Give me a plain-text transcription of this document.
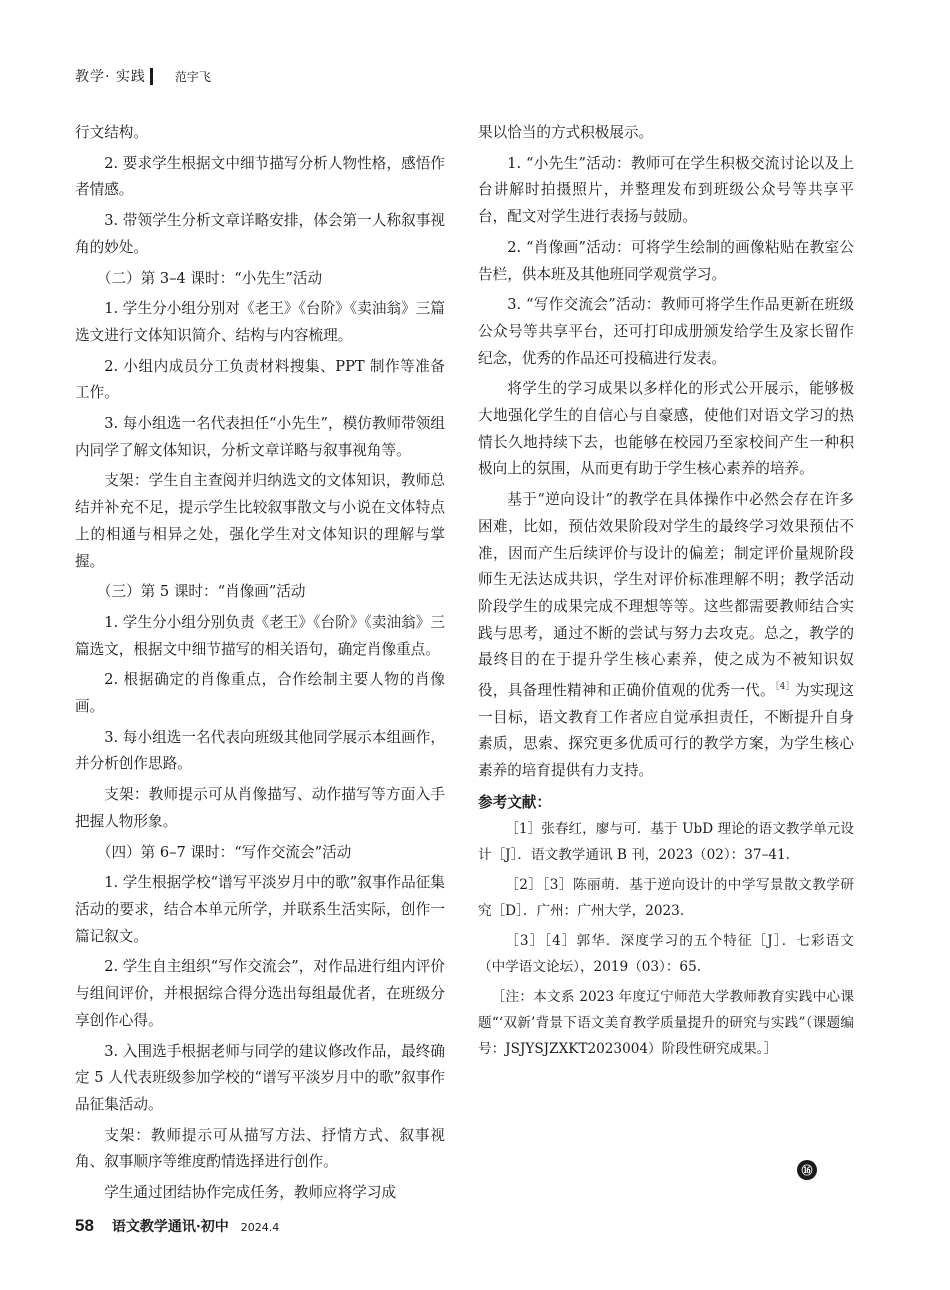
教学· 实践 范宇飞

行文结构。

2. 要求学生根据文中细节描写分析人物性格，感悟作者情感。

3. 带领学生分析文章详略安排，体会第一人称叙事视角的妙处。

（二）第 3–4 课时：“小先生”活动

1. 学生分小组分别对《老王》《台阶》《卖油翁》三篇选文进行文体知识简介、结构与内容梳理。

2. 小组内成员分工负责材料搜集、PPT 制作等准备工作。

3. 每小组选一名代表担任“小先生”，模仿教师带领组内同学了解文体知识，分析文章详略与叙事视角等。

支架：学生自主查阅并归纳选文的文体知识，教师总结并补充不足，提示学生比较叙事散文与小说在文体特点上的相通与相异之处，强化学生对文体知识的理解与掌握。

（三）第 5 课时：“肖像画”活动

1. 学生分小组分别负责《老王》《台阶》《卖油翁》三篇选文，根据文中细节描写的相关语句，确定肖像重点。

2. 根据确定的肖像重点，合作绘制主要人物的肖像画。

3. 每小组选一名代表向班级其他同学展示本组画作，并分析创作思路。

支架：教师提示可从肖像描写、动作描写等方面入手把握人物形象。

（四）第 6–7 课时：“写作交流会”活动

1. 学生根据学校“谱写平淡岁月中的歌”叙事作品征集活动的要求，结合本单元所学，并联系生活实际，创作一篇记叙文。

2. 学生自主组织“写作交流会”，对作品进行组内评价与组间评价，并根据综合得分选出每组最优者，在班级分享创作心得。

3. 入围选手根据老师与同学的建议修改作品，最终确定 5 人代表班级参加学校的“谱写平淡岁月中的歌”叙事作品征集活动。

支架：教师提示可从描写方法、抒情方式、叙事视角、叙事顺序等维度酌情选择进行创作。

学生通过团结协作完成任务，教师应将学习成

果以恰当的方式积极展示。

1. “小先生”活动：教师可在学生积极交流讨论以及上台讲解时拍摄照片，并整理发布到班级公众号等共享平台，配文对学生进行表扬与鼓励。

2. “肖像画”活动：可将学生绘制的画像粘贴在教室公告栏，供本班及其他班同学观赏学习。

3. “写作交流会”活动：教师可将学生作品更新在班级公众号等共享平台，还可打印成册颁发给学生及家长留作纪念，优秀的作品还可投稿进行发表。

将学生的学习成果以多样化的形式公开展示，能够极大地强化学生的自信心与自豪感，使他们对语文学习的热情长久地持续下去，也能够在校园乃至家校间产生一种积极向上的氛围，从而更有助于学生核心素养的培养。

基于“逆向设计”的教学在具体操作中必然会存在许多困难，比如，预估效果阶段对学生的最终学习效果预估不准，因而产生后续评价与设计的偏差；制定评价量规阶段师生无法达成共识，学生对评价标准理解不明；教学活动阶段学生的成果完成不理想等等。这些都需要教师结合实践与思考，通过不断的尝试与努力去攻克。总之，教学的最终目的在于提升学生核心素养，使之成为不被知识奴役，具备理性精神和正确价值观的优秀一代。$^{[4]}$为实现这一目标，语文教育工作者应自觉承担责任，不断提升自身素质，思索、探究更多优质可行的教学方案，为学生核心素养的培育提供有力支持。

参考文献：

［1］张春红，廖与可．基于 UbD 理论的语文教学单元设计［J］．语文教学通讯 B 刊，2023（02）：37–41.

［2］［3］陈丽萌．基于逆向设计的中学写景散文教学研究［D］．广州：广州大学，2023.

［3］［4］郭华．深度学习的五个特征［J］．七彩语文（中学语文论坛），2019（03）：65.

［注：本文系 2023 年度辽宁师范大学教师教育实践中心课题“‘双新’背景下语文美育教学质量提升的研究与实践”（课题编号：JSJYSJZXKT2023004）阶段性研究成果。］

⑯
58 语文教学通讯·初中 2024.4
